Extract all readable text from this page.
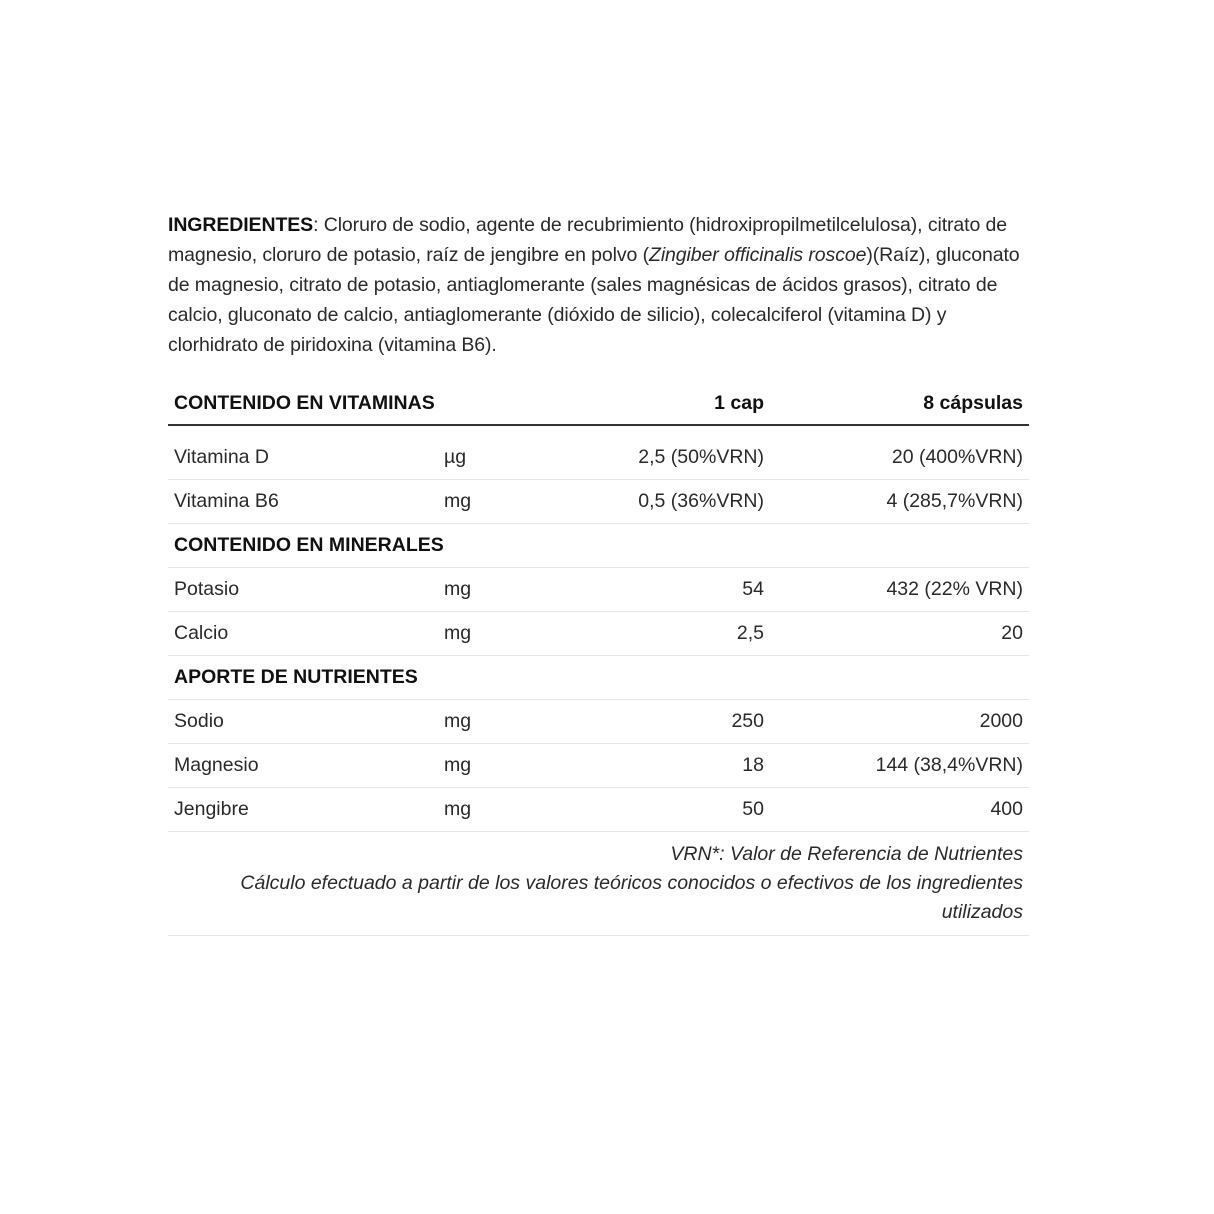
INGREDIENTES: Cloruro de sodio, agente de recubrimiento (hidroxipropilmetilcelulosa), citrato de magnesio, cloruro de potasio, raíz de jengibre en polvo (Zingiber officinalis roscoe)(Raíz), gluconato de magnesio, citrato de potasio, antiaglomerante (sales magnésicas de ácidos grasos), citrato de calcio, gluconato de calcio, antiaglomerante (dióxido de silicio), colecalciferol (vitamina D) y clorhidrato de piridoxina (vitamina B6).

CONTENIDO EN VITAMINAS		1 cap	8 cápsulas

Vitamina D	µg	2,5 (50%VRN)	20 (400%VRN)
Vitamina B6	mg	0,5 (36%VRN)	4 (285,7%VRN)
CONTENIDO EN MINERALES			
Potasio	mg	54	432 (22% VRN)
Calcio	mg	2,5	20
APORTE DE NUTRIENTES			
Sodio	mg	250	2000
Magnesio	mg	18	144 (38,4%VRN)
Jengibre	mg	50	400

VRN*: Valor de Referencia de Nutrientes

Cálculo efectuado a partir de los valores teóricos conocidos o efectivos de los ingredientes utilizados
